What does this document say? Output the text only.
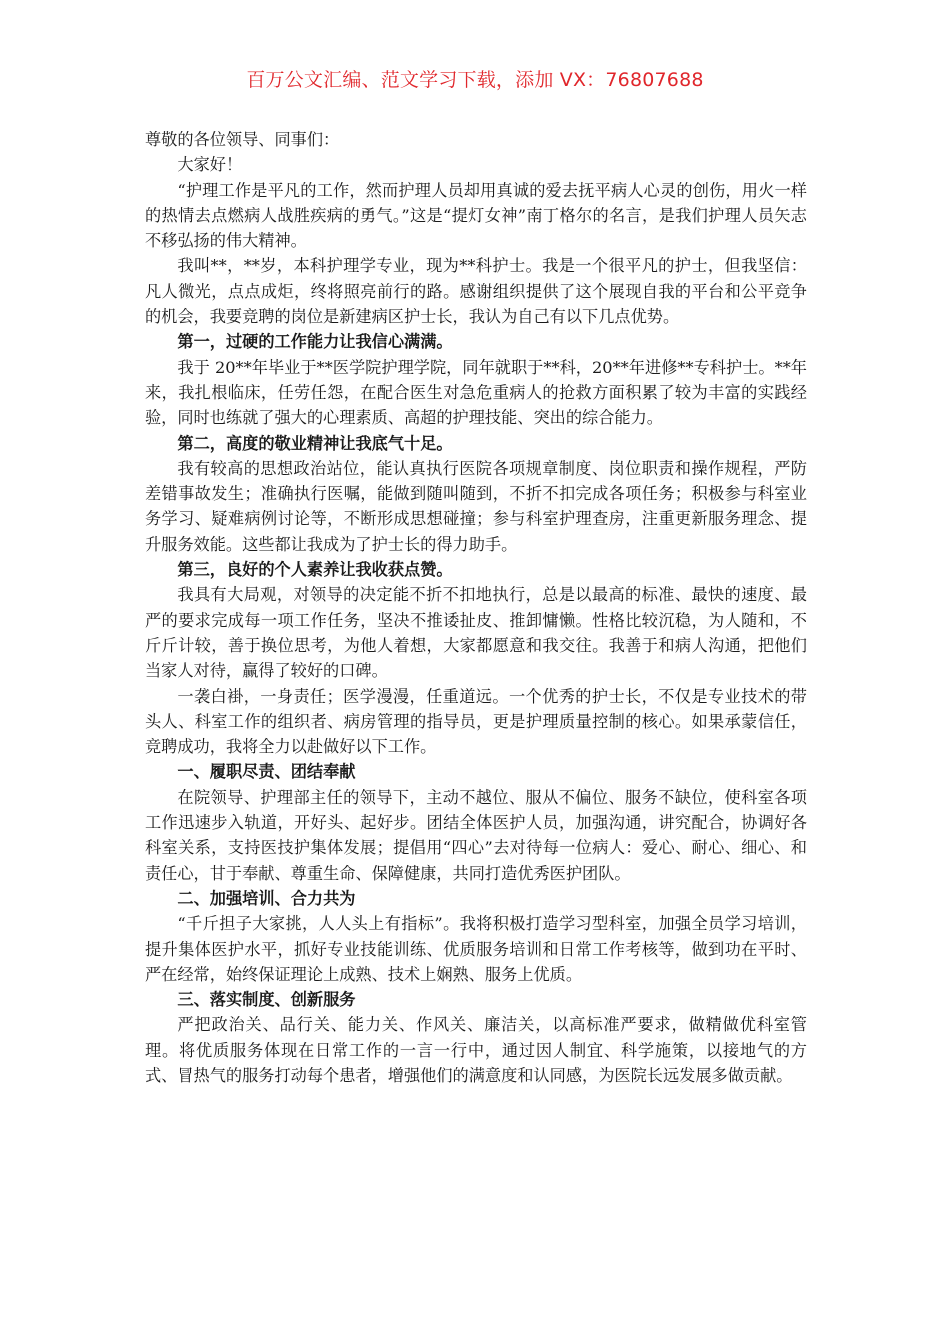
百万公文汇编、范文学习下载，添加 VX：76807688

尊敬的各位领导、同事们：

大家好！

“护理工作是平凡的工作，然而护理人员却用真诚的爱去抚平病人心灵的创伤，用火一样的热情去点燃病人战胜疾病的勇气。”这是“提灯女神”南丁格尔的名言，是我们护理人员矢志不移弘扬的伟大精神。

我叫**，**岁，本科护理学专业，现为**科护士。我是一个很平凡的护士，但我坚信：凡人微光，点点成炬，终将照亮前行的路。感谢组织提供了这个展现自我的平台和公平竞争的机会，我要竞聘的岗位是新建病区护士长，我认为自己有以下几点优势。

第一，过硬的工作能力让我信心满满。

我于 20**年毕业于**医学院护理学院，同年就职于**科，20**年进修**专科护士。**年来，我扎根临床，任劳任怨，在配合医生对急危重病人的抢救方面积累了较为丰富的实践经验，同时也练就了强大的心理素质、高超的护理技能、突出的综合能力。

第二，高度的敬业精神让我底气十足。

我有较高的思想政治站位，能认真执行医院各项规章制度、岗位职责和操作规程，严防差错事故发生；准确执行医嘱，能做到随叫随到，不折不扣完成各项任务；积极参与科室业务学习、疑难病例讨论等，不断形成思想碰撞；参与科室护理查房，注重更新服务理念、提升服务效能。这些都让我成为了护士长的得力助手。

第三，良好的个人素养让我收获点赞。

我具有大局观，对领导的决定能不折不扣地执行，总是以最高的标准、最快的速度、最严的要求完成每一项工作任务，坚决不推诿扯皮、推卸慵懒。性格比较沉稳，为人随和，不斤斤计较，善于换位思考，为他人着想，大家都愿意和我交往。我善于和病人沟通，把他们当家人对待，赢得了较好的口碑。

一袭白褂，一身责任；医学漫漫，任重道远。一个优秀的护士长，不仅是专业技术的带头人、科室工作的组织者、病房管理的指导员，更是护理质量控制的核心。如果承蒙信任，竞聘成功，我将全力以赴做好以下工作。

一、履职尽责、团结奉献

在院领导、护理部主任的领导下，主动不越位、服从不偏位、服务不缺位，使科室各项工作迅速步入轨道，开好头、起好步。团结全体医护人员，加强沟通，讲究配合，协调好各科室关系，支持医技护集体发展；提倡用“四心”去对待每一位病人：爱心、耐心、细心、和责任心，甘于奉献、尊重生命、保障健康，共同打造优秀医护团队。

二、加强培训、合力共为

“千斤担子大家挑，人人头上有指标”。我将积极打造学习型科室，加强全员学习培训，提升集体医护水平，抓好专业技能训练、优质服务培训和日常工作考核等，做到功在平时、严在经常，始终保证理论上成熟、技术上娴熟、服务上优质。

三、落实制度、创新服务

严把政治关、品行关、能力关、作风关、廉洁关，以高标准严要求，做精做优科室管理。将优质服务体现在日常工作的一言一行中，通过因人制宜、科学施策，以接地气的方式、冒热气的服务打动每个患者，增强他们的满意度和认同感，为医院长远发展多做贡献。
